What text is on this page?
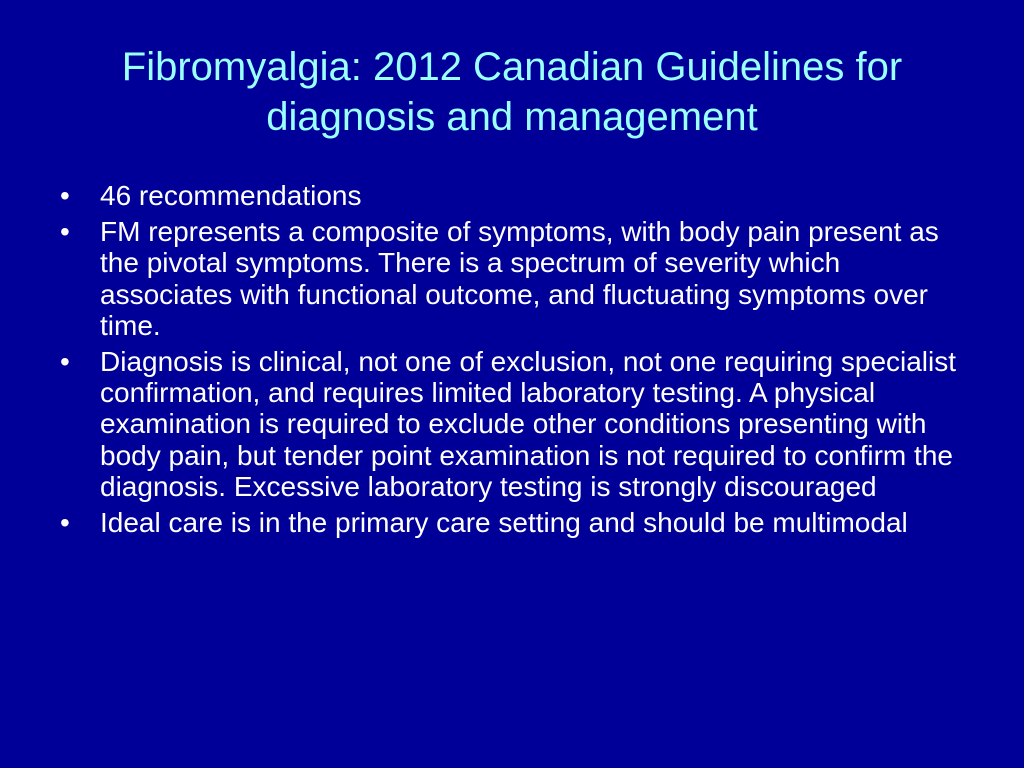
Fibromyalgia: 2012 Canadian Guidelines for diagnosis and management
•	46 recommendations
•	FM represents a composite of symptoms, with body pain present as the pivotal symptoms. There is a spectrum of severity which associates with functional outcome, and fluctuating symptoms over time.
•	Diagnosis is clinical, not one of exclusion, not one requiring specialist confirmation, and requires limited laboratory testing. A physical examination is required to exclude other conditions presenting with body pain, but tender point examination is not required to confirm the diagnosis. Excessive laboratory testing is strongly discouraged
•	Ideal care is in the primary care setting and should be multimodal
